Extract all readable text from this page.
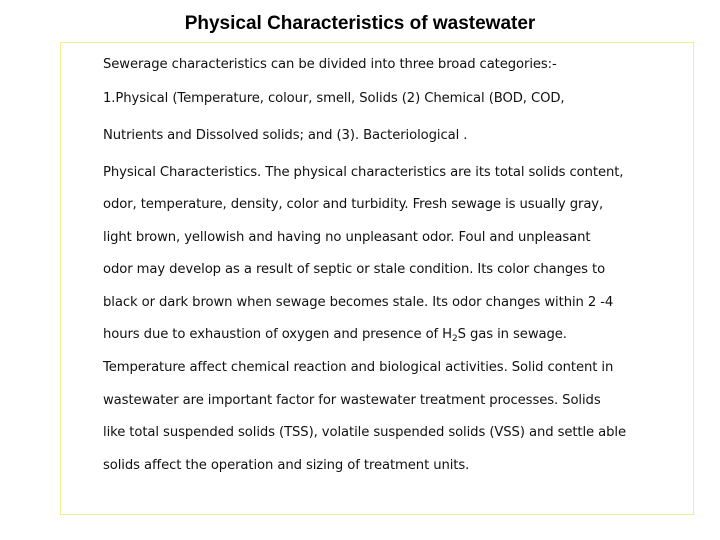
Physical Characteristics of wastewater

Sewerage characteristics can be divided into three broad categories:-

1.Physical (Temperature, colour, smell, Solids (2) Chemical (BOD, COD,

Nutrients and Dissolved solids; and (3). Bacteriological .

Physical Characteristics. The physical characteristics are its total solids content,

odor, temperature, density, color and turbidity. Fresh sewage is usually gray,

light brown, yellowish and having no unpleasant odor. Foul and unpleasant

odor may develop as a result of septic or stale condition. Its color changes to

black or dark brown when sewage becomes stale. Its odor changes within 2 -4

hours due to exhaustion of oxygen and presence of $H_2S$ gas in sewage.

Temperature affect chemical reaction and biological activities. Solid content in

wastewater are important factor for wastewater treatment processes. Solids

like total suspended solids (TSS), volatile suspended solids (VSS) and settle able

solids affect the operation and sizing of treatment units.
